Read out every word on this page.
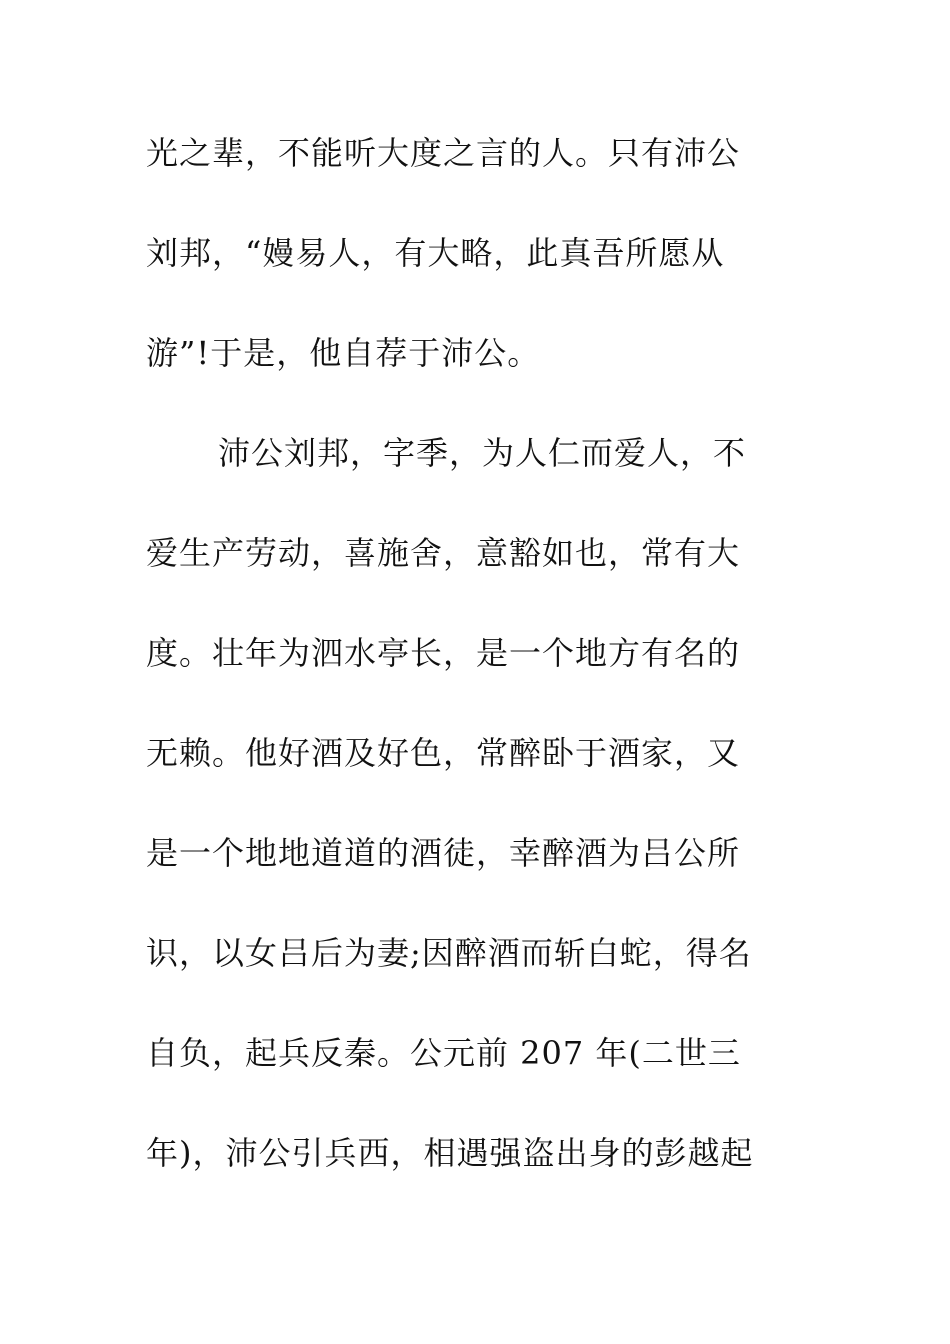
光之辈，不能听大度之言的人。只有沛公
刘邦，“嫚易人，有大略，此真吾所愿从
游”!于是，他自荐于沛公。
沛公刘邦，字季，为人仁而爱人，不
爱生产劳动，喜施舍，意豁如也，常有大
度。壮年为泗水亭长，是一个地方有名的
无赖。他好酒及好色，常醉卧于酒家，又
是一个地地道道的酒徒，幸醉酒为吕公所
识，以女吕后为妻;因醉酒而斩白蛇，得名
自负，起兵反秦。公元前 207 年(二世三
年)，沛公引兵西，相遇强盗出身的彭越起
